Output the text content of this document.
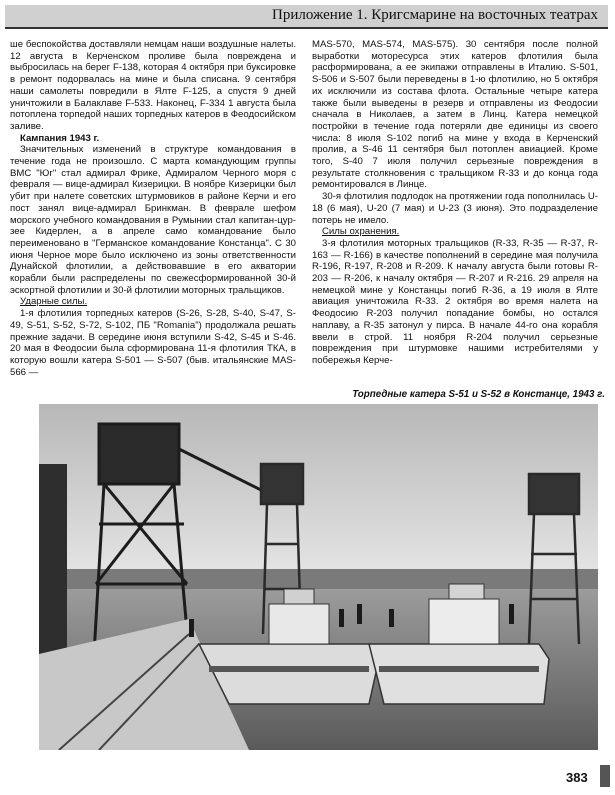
Приложение 1. Кригсмарине на восточных театрах

ше беспокойства доставляли немцам наши воздушные налеты. 12 августа в Керченском проливе была повреждена и выбросилась на берег F-138, которая 4 октября при буксировке в ремонт подорвалась на мине и была списана. 9 сентября наши самолеты повредили в Ялте F-125, а спустя 9 дней уничтожили в Балаклаве F-533. Наконец, F-334 1 августа была потоплена торпедой наших торпедных катеров в Феодосийском заливе.

Кампания 1943 г.

Значительных изменений в структуре командования в течение года не произошло. С марта командующим группы ВМС "Юг" стал адмирал Фрике, Адмиралом Черного моря с февраля — вице-адмирал Кизерицки. В ноябре Кизерицки был убит при налете советских штурмовиков в районе Керчи и его пост занял вице-адмирал Бринкман. В феврале шефом морского учебного командования в Румынии стал капитан-цур-зее Кидерлен, а в апреле само командование было переименовано в "Германское командование Констанца". С 30 июня Черное море было исключено из зоны ответственности Дунайской флотилии, а действовавшие в его акватории корабли были распределены по свежесформированной 30-й эскортной флотилии и 30-й флотилии моторных тральщиков.

Ударные силы.

1-я флотилия торпедных катеров (S-26, S-28, S-40, S-47, S-49, S-51, S-52, S-72, S-102, ПБ "Romania") продолжала решать прежние задачи. В середине июня вступили S-42, S-45 и S-46. 20 мая в Феодосии была сформирована 11-я флотилия ТКА, в которую вошли катера S-501 — S-507 (быв. итальянские MAS-566 —

MAS-570, MAS-574, MAS-575). 30 сентября после полной выработки моторесурса этих катеров флотилия была расформирована, а ее экипажи отправлены в Италию. S-501, S-506 и S-507 были переведены в 1-ю флотилию, но 5 октября их исключили из состава флота. Остальные четыре катера также были выведены в резерв и отправлены из Феодосии сначала в Николаев, а затем в Линц. Катера немецкой постройки в течение года потеряли две единицы из своего числа: 8 июля S-102 погиб на мине у входа в Керченский пролив, а S-46 11 сентября был потоплен авиацией. Кроме того, S-40 7 июля получил серьезные повреждения в результате столкновения с тральщиком R-33 и до конца года ремонтировался в Линце.

30-я флотилия подлодок на протяжении года пополнилась U-18 (6 мая), U-20 (7 мая) и U-23 (3 июня). Это подразделение потерь не имело.

Силы охранения.

3-я флотилия моторных тральщиков (R-33, R-35 — R-37, R-163 — R-166) в качестве пополнений в середине мая получила R-196, R-197, R-208 и R-209. К началу августа были готовы R-203 — R-206, к началу октября — R-207 и R-216. 29 апреля на немецкой мине у Констанцы погиб R-36, а 19 июля в Ялте авиация уничтожила R-33. 2 октября во время налета на Феодосию R-203 получил попадание бомбы, но остался наплаву, а R-35 затонул у пирса. В начале 44-го она корабля ввели в строй. 11 ноября R-204 получил серьезные повреждения при штурмовке нашими истребителями у побережья Керче-

Торпедные катера S-51 и S-52 в Констанце, 1943 г.
383
